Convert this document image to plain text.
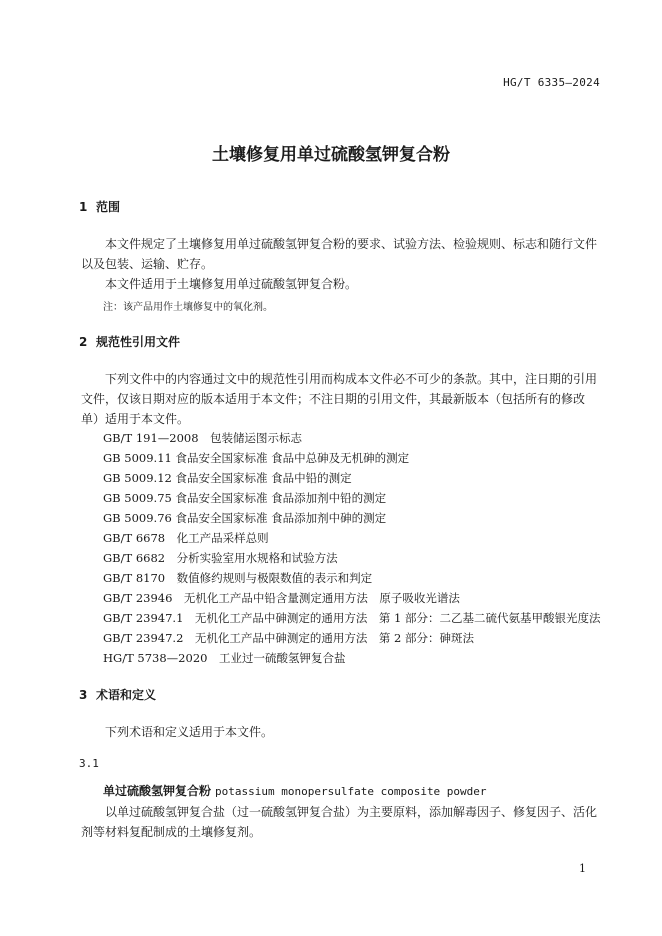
HG/T 6335—2024
土壤修复用单过硫酸氢钾复合粉
1 范围
本文件规定了土壤修复用单过硫酸氢钾复合粉的要求、试验方法、检验规则、标志和随行文件以及包装、运输、贮存。
本文件适用于土壤修复用单过硫酸氢钾复合粉。
注：该产品用作土壤修复中的氧化剂。
2 规范性引用文件
下列文件中的内容通过文中的规范性引用而构成本文件必不可少的条款。其中，注日期的引用文件，仅该日期对应的版本适用于本文件；不注日期的引用文件，其最新版本（包括所有的修改单）适用于本文件。
GB/T 191—2008　包装储运图示标志
GB 5009.11 食品安全国家标准 食品中总砷及无机砷的测定
GB 5009.12 食品安全国家标准 食品中铅的测定
GB 5009.75 食品安全国家标准 食品添加剂中铅的测定
GB 5009.76 食品安全国家标准 食品添加剂中砷的测定
GB/T 6678　化工产品采样总则
GB/T 6682　分析实验室用水规格和试验方法
GB/T 8170　数值修约规则与极限数值的表示和判定
GB/T 23946　无机化工产品中铅含量测定通用方法　原子吸收光谱法
GB/T 23947.1　无机化工产品中砷测定的通用方法　第 1 部分：二乙基二硫代氨基甲酸银光度法
GB/T 23947.2　无机化工产品中砷测定的通用方法　第 2 部分：砷斑法
HG/T 5738—2020　工业过一硫酸氢钾复合盐
3 术语和定义
下列术语和定义适用于本文件。
3.1
单过硫酸氢钾复合粉 potassium monopersulfate composite powder
以单过硫酸氢钾复合盐（过一硫酸氢钾复合盐）为主要原料，添加解毒因子、修复因子、活化剂等材料复配制成的土壤修复剂。
1
